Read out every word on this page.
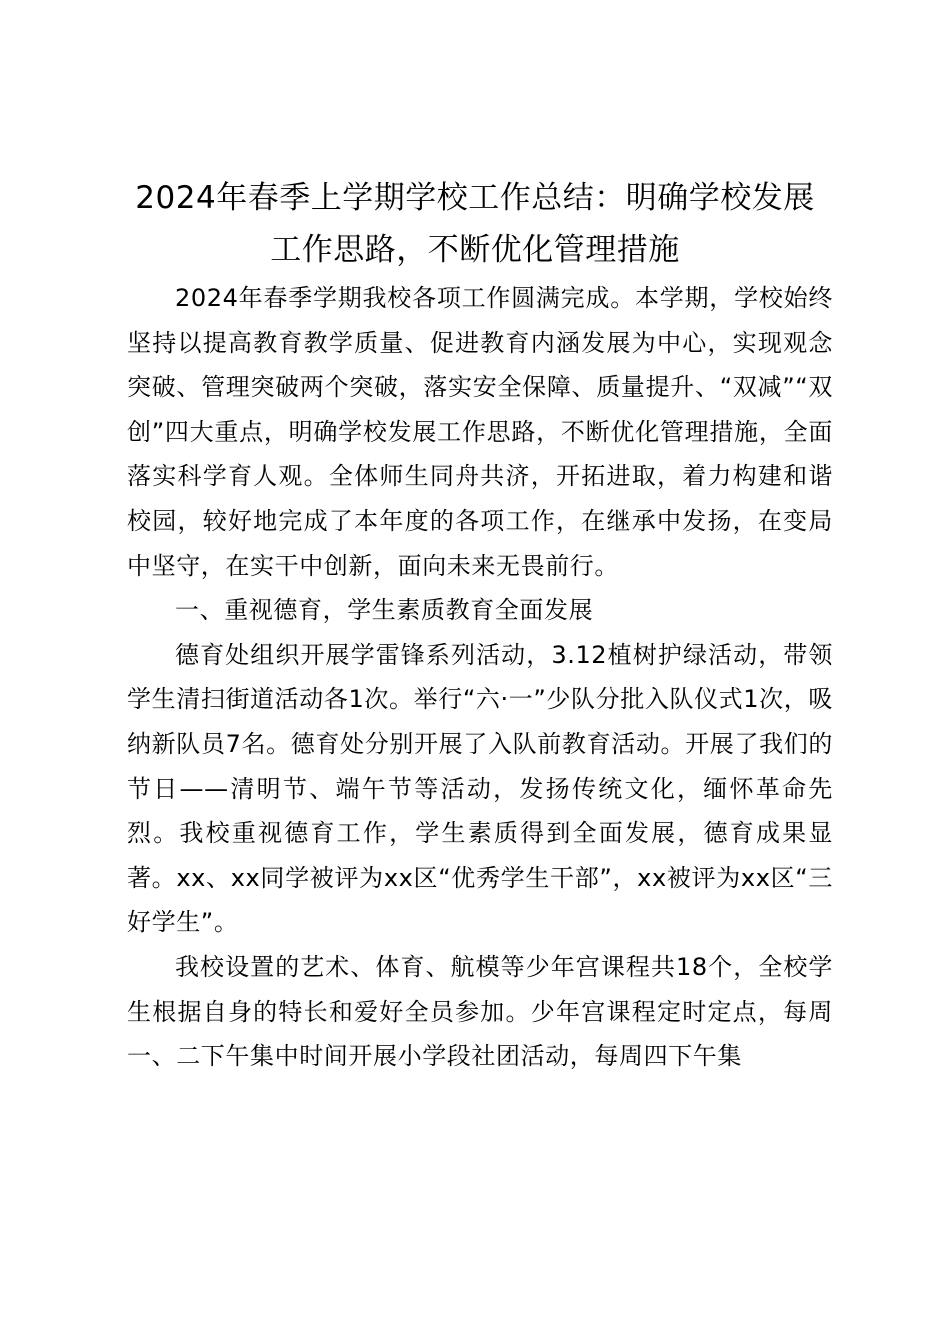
2024年春季上学期学校工作总结：明确学校发展工作思路，不断优化管理措施

2024年春季学期我校各项工作圆满完成。本学期，学校始终坚持以提高教育教学质量、促进教育内涵发展为中心，实现观念突破、管理突破两个突破，落实安全保障、质量提升、“双减”“双创”四大重点，明确学校发展工作思路，不断优化管理措施，全面落实科学育人观。全体师生同舟共济，开拓进取，着力构建和谐校园，较好地完成了本年度的各项工作，在继承中发扬，在变局中坚守，在实干中创新，面向未来无畏前行。

一、重视德育，学生素质教育全面发展

德育处组织开展学雷锋系列活动，3.12植树护绿活动，带领学生清扫街道活动各1次。举行“六·一”少队分批入队仪式1次，吸纳新队员7名。德育处分别开展了入队前教育活动。开展了我们的节日——清明节、端午节等活动，发扬传统文化，缅怀革命先烈。我校重视德育工作，学生素质得到全面发展，德育成果显著。xx、xx同学被评为xx区“优秀学生干部”，xx被评为xx区“三好学生”。

我校设置的艺术、体育、航模等少年宫课程共18个，全校学生根据自身的特长和爱好全员参加。少年宫课程定时定点，每周一、二下午集中时间开展小学段社团活动，每周四下午集
